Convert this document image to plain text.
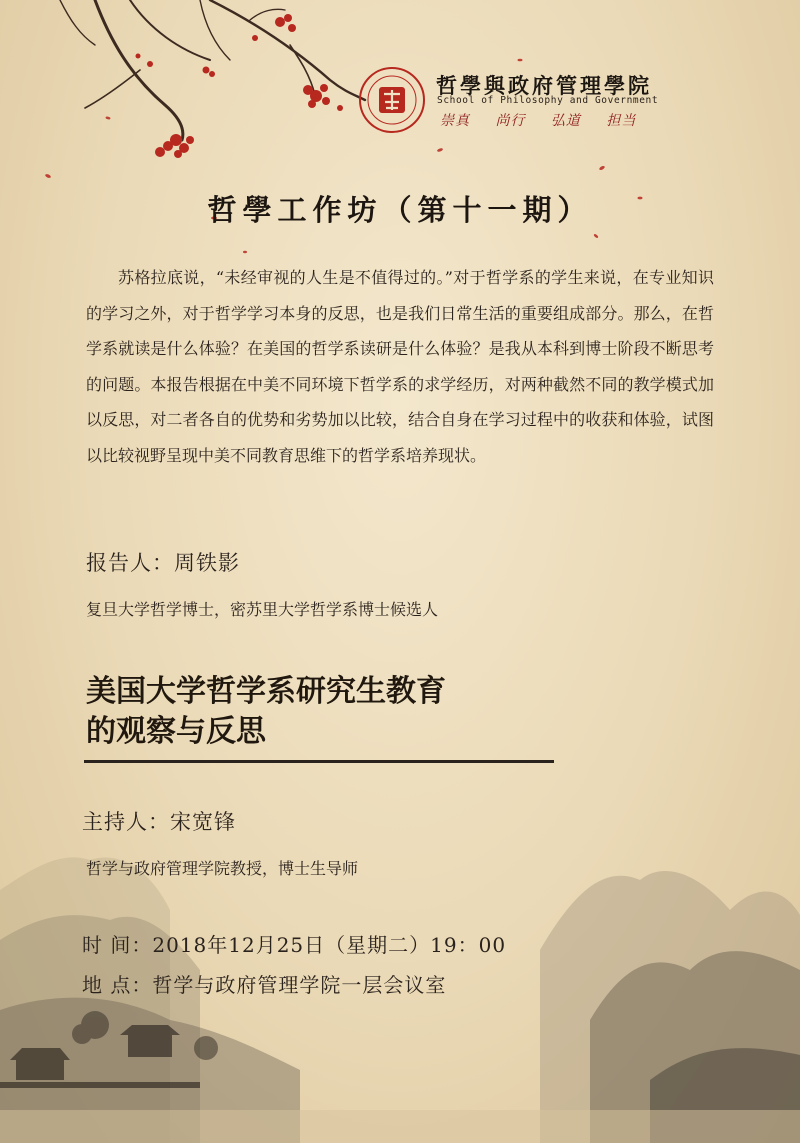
哲學與政府管理學院
School of Philosophy and Government
崇真 尚行 弘道 担当
哲學工作坊（第十一期）

苏格拉底说，“未经审视的人生是不值得过的。”对于哲学系的学生来说，在专业知识的学习之外，对于哲学学习本身的反思，也是我们日常生活的重要组成部分。那么，在哲学系就读是什么体验？在美国的哲学系读研是什么体验？是我从本科到博士阶段不断思考的问题。本报告根据在中美不同环境下哲学系的求学经历，对两种截然不同的教学模式加以反思，对二者各自的优势和劣势加以比较，结合自身在学习过程中的收获和体验，试图以比较视野呈现中美不同教育思维下的哲学系培养现状。

报告人：周铁影
复旦大学哲学博士，密苏里大学哲学系博士候选人
美国大学哲学系研究生教育
的观察与反思
主持人：宋宽锋
哲学与政府管理学院教授，博士生导师
时 间：2018年12月25日（星期二）19：00
地 点：哲学与政府管理学院一层会议室
